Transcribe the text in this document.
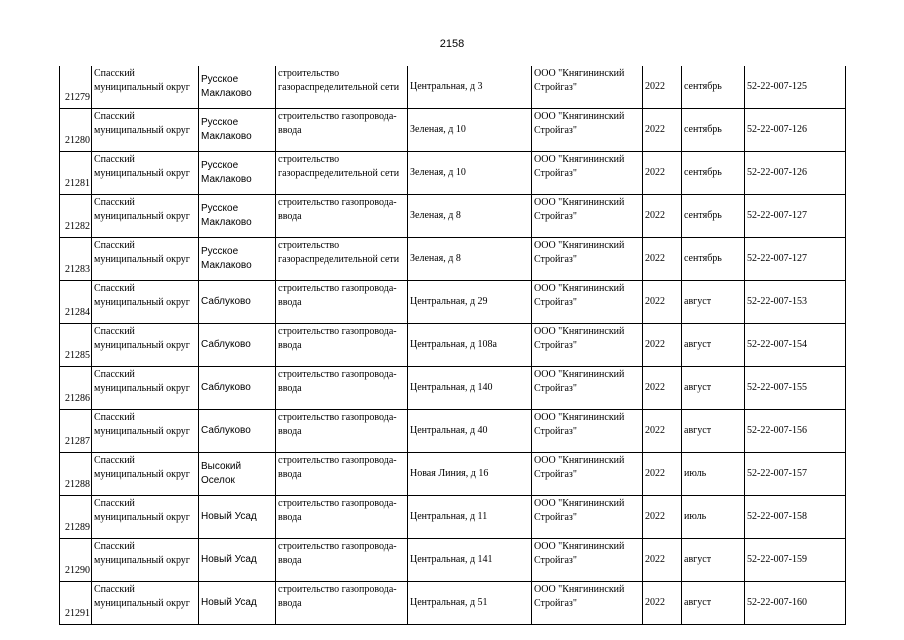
2158
21279	Спасский муниципальный округ	Русское Маклаково	строительство газораспределительной сети	Центральная, д 3	ООО "Княгининский Стройгаз"	2022	сентябрь	52-22-007-125
21280	Спасский муниципальный округ	Русское Маклаково	строительство газопровода-ввода	Зеленая, д 10	ООО "Княгининский Стройгаз"	2022	сентябрь	52-22-007-126
21281	Спасский муниципальный округ	Русское Маклаково	строительство газораспределительной сети	Зеленая, д 10	ООО "Княгининский Стройгаз"	2022	сентябрь	52-22-007-126
21282	Спасский муниципальный округ	Русское Маклаково	строительство газопровода-ввода	Зеленая, д 8	ООО "Княгининский Стройгаз"	2022	сентябрь	52-22-007-127
21283	Спасский муниципальный округ	Русское Маклаково	строительство газораспределительной сети	Зеленая, д 8	ООО "Княгининский Стройгаз"	2022	сентябрь	52-22-007-127
21284	Спасский муниципальный округ	Саблуково	строительство газопровода-ввода	Центральная, д 29	ООО "Княгининский Стройгаз"	2022	август	52-22-007-153
21285	Спасский муниципальный округ	Саблуково	строительство газопровода-ввода	Центральная, д 108а	ООО "Княгининский Стройгаз"	2022	август	52-22-007-154
21286	Спасский муниципальный округ	Саблуково	строительство газопровода-ввода	Центральная, д 140	ООО "Княгининский Стройгаз"	2022	август	52-22-007-155
21287	Спасский муниципальный округ	Саблуково	строительство газопровода-ввода	Центральная, д 40	ООО "Княгининский Стройгаз"	2022	август	52-22-007-156
21288	Спасский муниципальный округ	Высокий Оселок	строительство газопровода-ввода	Новая Линия, д 16	ООО "Княгининский Стройгаз"	2022	июль	52-22-007-157
21289	Спасский муниципальный округ	Новый Усад	строительство газопровода-ввода	Центральная, д 11	ООО "Княгининский Стройгаз"	2022	июль	52-22-007-158
21290	Спасский муниципальный округ	Новый Усад	строительство газопровода-ввода	Центральная, д 141	ООО "Княгининский Стройгаз"	2022	август	52-22-007-159
21291	Спасский муниципальный округ	Новый Усад	строительство газопровода-ввода	Центральная, д 51	ООО "Княгининский Стройгаз"	2022	август	52-22-007-160
